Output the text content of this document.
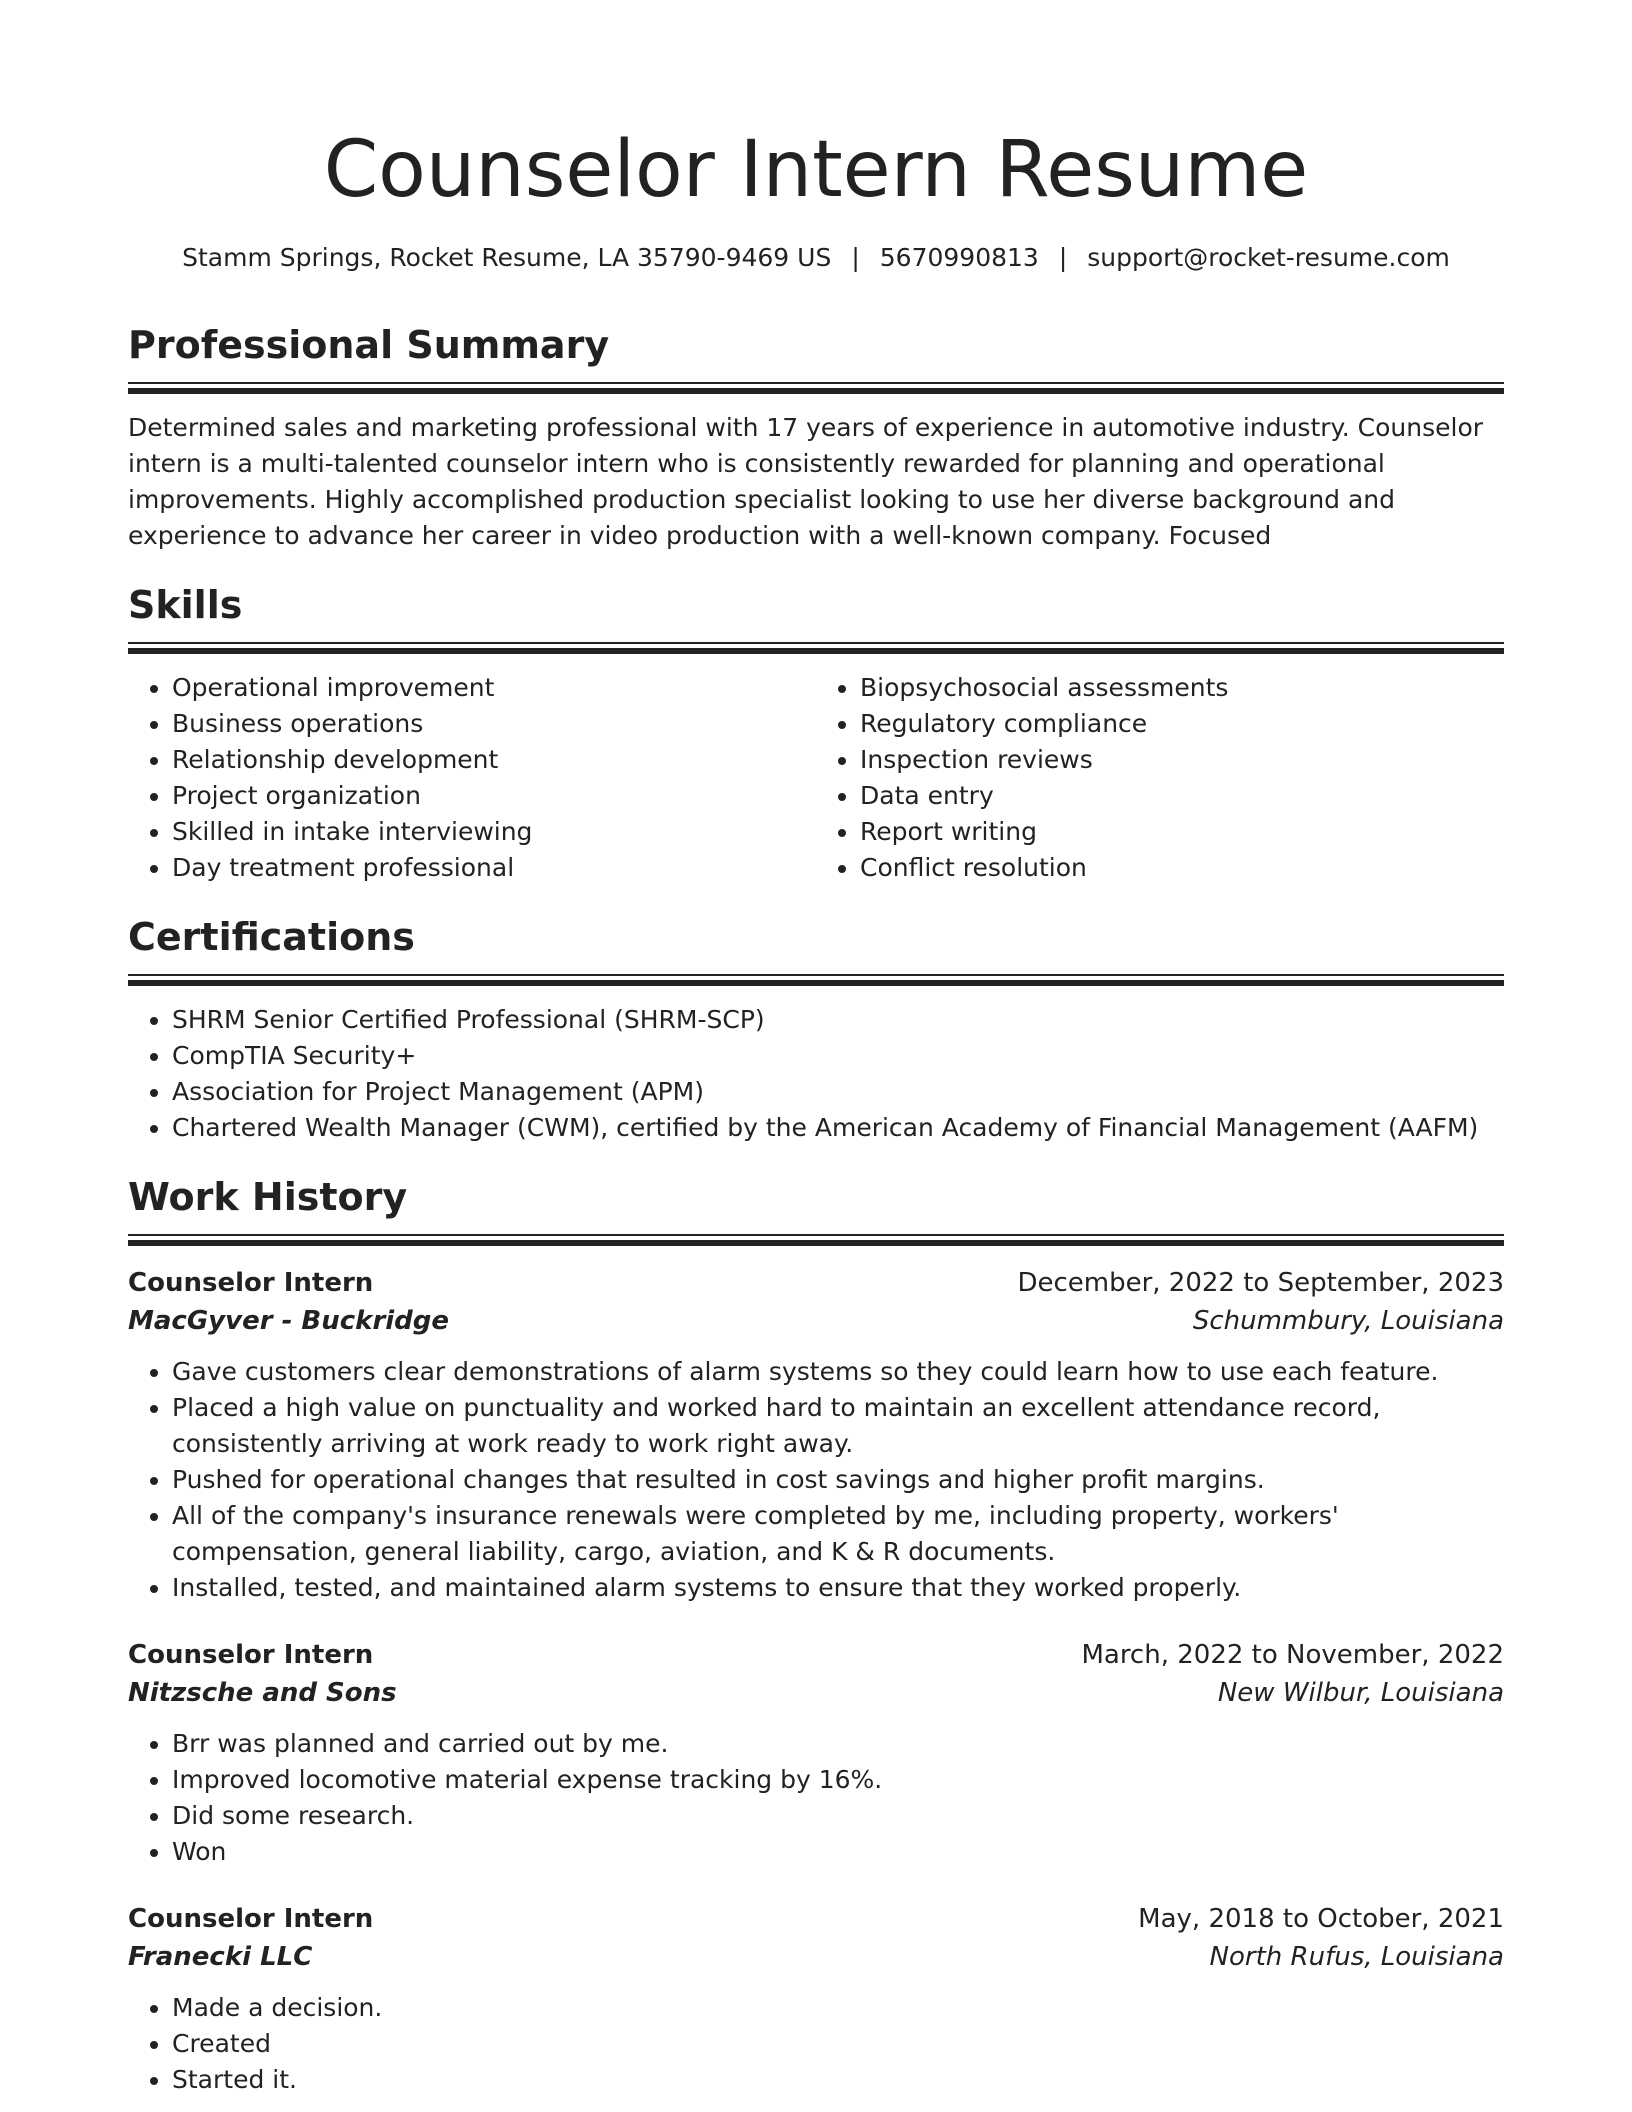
Counselor Intern Resume
Stamm Springs, Rocket Resume, LA 35790-9469 US | 5670990813 | support@rocket-resume.com
Professional Summary

Determined sales and marketing professional with 17 years of experience in automotive industry. Counselor intern is a multi-talented counselor intern who is consistently rewarded for planning and operational improvements. Highly accomplished production specialist looking to use her diverse background and experience to advance her career in video production with a well-known company. Focused

Skills
• Operational improvement
• Business operations
• Relationship development
• Project organization
• Skilled in intake interviewing
• Day treatment professional
• Biopsychosocial assessments
• Regulatory compliance
• Inspection reviews
• Data entry
• Report writing
• Conflict resolution
Certifications
• SHRM Senior Certified Professional (SHRM-SCP)
• CompTIA Security+
• Association for Project Management (APM)
• Chartered Wealth Manager (CWM), certified by the American Academy of Financial Management (AAFM)
Work History
Counselor Intern	December, 2022 to September, 2023
MacGyver - Buckridge	Schummbury, Louisiana
• Gave customers clear demonstrations of alarm systems so they could learn how to use each feature.
• Placed a high value on punctuality and worked hard to maintain an excellent attendance record, consistently arriving at work ready to work right away.
• Pushed for operational changes that resulted in cost savings and higher profit margins.
• All of the company's insurance renewals were completed by me, including property, workers' compensation, general liability, cargo, aviation, and K & R documents.
• Installed, tested, and maintained alarm systems to ensure that they worked properly.
Counselor Intern	March, 2022 to November, 2022
Nitzsche and Sons	New Wilbur, Louisiana
• Brr was planned and carried out by me.
• Improved locomotive material expense tracking by 16%.
• Did some research.
• Won
Counselor Intern	May, 2018 to October, 2021
Franecki LLC	North Rufus, Louisiana
• Made a decision.
• Created
• Started it.
